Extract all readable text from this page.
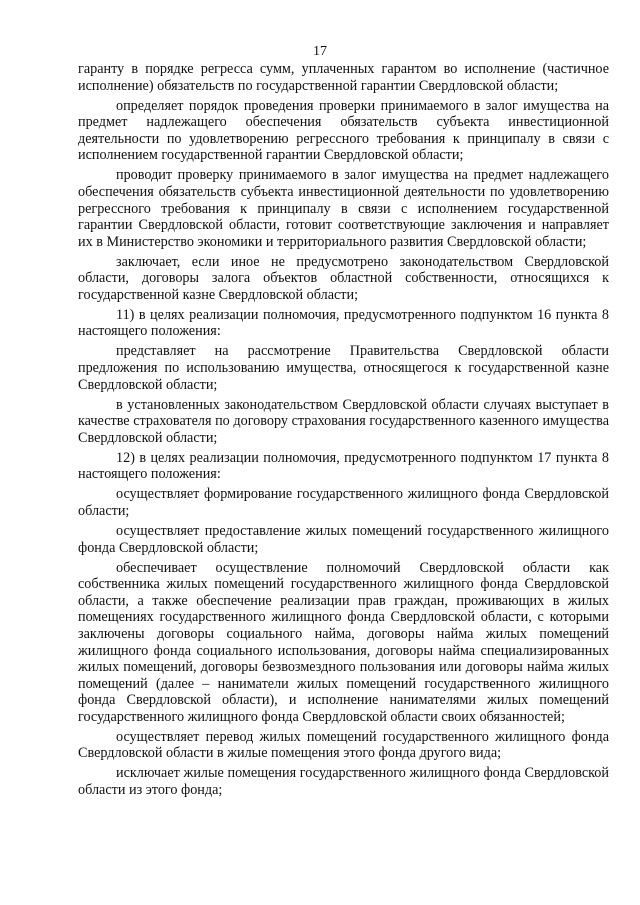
17

гаранту в порядке регресса сумм, уплаченных гарантом во исполнение (частичное исполнение) обязательств по государственной гарантии Свердловской области;

определяет порядок проведения проверки принимаемого в залог имущества на предмет надлежащего обеспечения обязательств субъекта инвестиционной деятельности по удовлетворению регрессного требования к принципалу в связи с исполнением государственной гарантии Свердловской области;

проводит проверку принимаемого в залог имущества на предмет надлежащего обеспечения обязательств субъекта инвестиционной деятельности по удовлетворению регрессного требования к принципалу в связи с исполнением государственной гарантии Свердловской области, готовит соответствующие заключения и направляет их в Министерство экономики и территориального развития Свердловской области;

заключает, если иное не предусмотрено законодательством Свердловской области, договоры залога объектов областной собственности, относящихся к государственной казне Свердловской области;

11) в целях реализации полномочия, предусмотренного подпунктом 16 пункта 8 настоящего положения:

представляет на рассмотрение Правительства Свердловской области предложения по использованию имущества, относящегося к государственной казне Свердловской области;

в установленных законодательством Свердловской области случаях выступает в качестве страхователя по договору страхования государственного казенного имущества Свердловской области;

12) в целях реализации полномочия, предусмотренного подпунктом 17 пункта 8 настоящего положения:

осуществляет формирование государственного жилищного фонда Свердловской области;

осуществляет предоставление жилых помещений государственного жилищного фонда Свердловской области;

обеспечивает осуществление полномочий Свердловской области как собственника жилых помещений государственного жилищного фонда Свердловской области, а также обеспечение реализации прав граждан, проживающих в жилых помещениях государственного жилищного фонда Свердловской области, с которыми заключены договоры социального найма, договоры найма жилых помещений жилищного фонда социального использования, договоры найма специализированных жилых помещений, договоры безвозмездного пользования или договоры найма жилых помещений (далее – наниматели жилых помещений государственного жилищного фонда Свердловской области), и исполнение нанимателями жилых помещений государственного жилищного фонда Свердловской области своих обязанностей;

осуществляет перевод жилых помещений государственного жилищного фонда Свердловской области в жилые помещения этого фонда другого вида;

исключает жилые помещения государственного жилищного фонда Свердловской области из этого фонда;
